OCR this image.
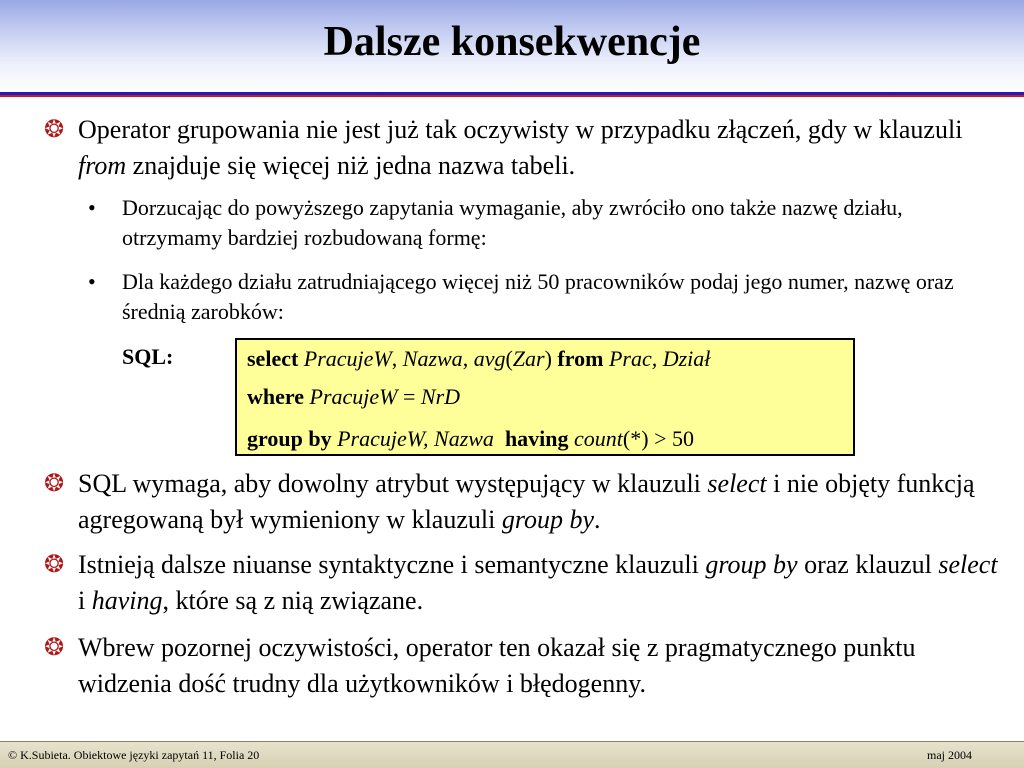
Dalsze konsekwencje
❂ Operator grupowania nie jest już tak oczywisty w przypadku złączeń, gdy w klauzuli from znajduje się więcej niż jedna nazwa tabeli.
• Dorzucając do powyższego zapytania wymaganie, aby zwróciło ono także nazwę działu, otrzymamy bardziej rozbudowaną formę:
• Dla każdego działu zatrudniającego więcej niż 50 pracowników podaj jego numer, nazwę oraz średnią zarobków:
SQL:	select PracujeW, Nazwa, avg(Zar) from Prac, Dział
where PracujeW = NrD
group by PracujeW, Nazwa having count(*) > 50
❂ SQL wymaga, aby dowolny atrybut występujący w klauzuli select i nie objęty funkcją agregowaną był wymieniony w klauzuli group by.
❂ Istnieją dalsze niuanse syntaktyczne i semantyczne klauzuli group by oraz klauzul select i having, które są z nią związane.
❂ Wbrew pozornej oczywistości, operator ten okazał się z pragmatycznego punktu widzenia dość trudny dla użytkowników i błędogenny.
© K.Subieta. Obiektowe języki zapytań 11, Folia 20	maj 2004
